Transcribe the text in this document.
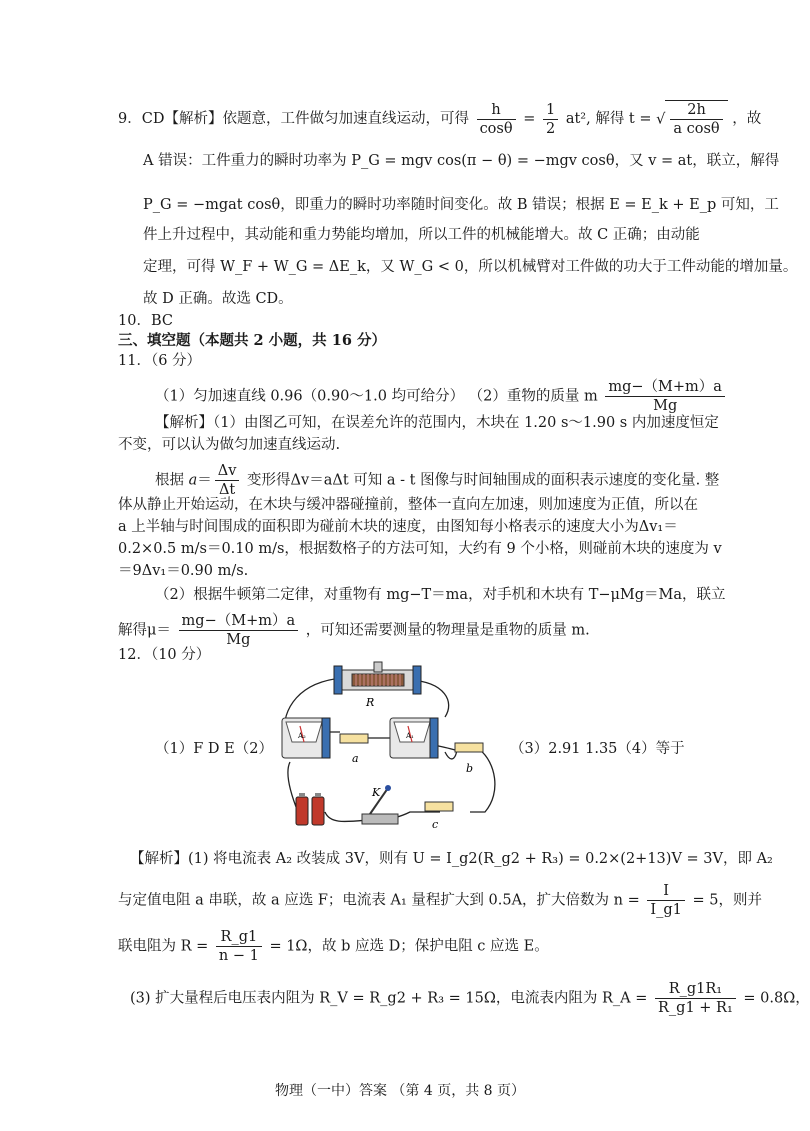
9．CD【解析】依题意，工件做匀加速直线运动，可得 $\frac{h}{\cos\theta} = \frac{1}{2} at^2$, 解得 t = √ $\frac{2h}{\text{a cosθ}}$ ，故
A 错误：工件重力的瞬时功率为 P_G = mgv cos(π − θ) = −mgv cosθ，又 v = at，联立，解得
P_G = −mgat cosθ，即重力的瞬时功率随时间变化。故 B 错误；根据 E = E_k + E_p 可知，工
件上升过程中，其动能和重力势能均增加，所以工件的机械能增大。故 C 正确；由动能
定理，可得 W_F + W_G = ΔE_k，又 W_G < 0，所以机械臂对工件做的功大于工件动能的增加量。
故 D 正确。故选 CD。
10．BC
三、填空题（本题共 2 小题，共 16 分）
11．（6 分）
（1）匀加速直线 0.96（0.90～1.0 均可给分） （2）重物的质量 m $\frac{mg-(M+m)a}{Mg}$
【解析】（1）由图乙可知，在误差允许的范围内，木块在 1.20 s～1.90 s 内加速度恒定
不变，可以认为做匀加速直线运动.
根据 $a= \frac{\Delta v}{\Delta t}$ 变形得Δv＝aΔt 可知 a - t 图像与时间轴围成的面积表示速度的变化量. 整
体从静止开始运动，在木块与缓冲器碰撞前，整体一直向左加速，则加速度为正值，所以在
a 上半轴与时间围成的面积即为碰前木块的速度，由图知每小格表示的速度大小为Δv₁＝
0.2×0.5 m/s＝0.10 m/s，根据数格子的方法可知，大约有 9 个小格，则碰前木块的速度为 v
＝9Δv₁＝0.90 m/s.
（2）根据牛顿第二定律，对重物有 mg−T＝ma，对手机和木块有 T−μMg＝Ma，联立
解得$\mu= \frac{mg-(M+m)a}{Mg}$ ，可知还需要测量的物理量是重物的质量 m.
12．（10 分）
（1）F D E（2）	（3）2.91 1.35（4）等于
R
A₂
a
A₁
b
K
c
【解析】(1) 将电流表 A₂ 改装成 3V，则有 U = I_g2(R_g2 + R₃) = 0.2×(2+13)V = 3V，即 A₂
与定值电阻 a 串联，故 a 应选 F；电流表 A₁ 量程扩大到 0.5A，扩大倍数为 $n = \frac{I}{I\_g1} = 5$，则并
联电阻为 $R = \frac{R\_g1}{n - 1} = 1\Omega$，故 b 应选 D；保护电阻 c 应选 E。
(3) 扩大量程后电压表内阻为 R_V = R_g2 + R₃ = 15Ω，电流表内阻为 R_A = $\frac{\text{R\_g1R₁}}{\text{R\_g1 + R₁}} = 0.8\Omega$，
物理（一中）答案 （第 4 页，共 8 页）
